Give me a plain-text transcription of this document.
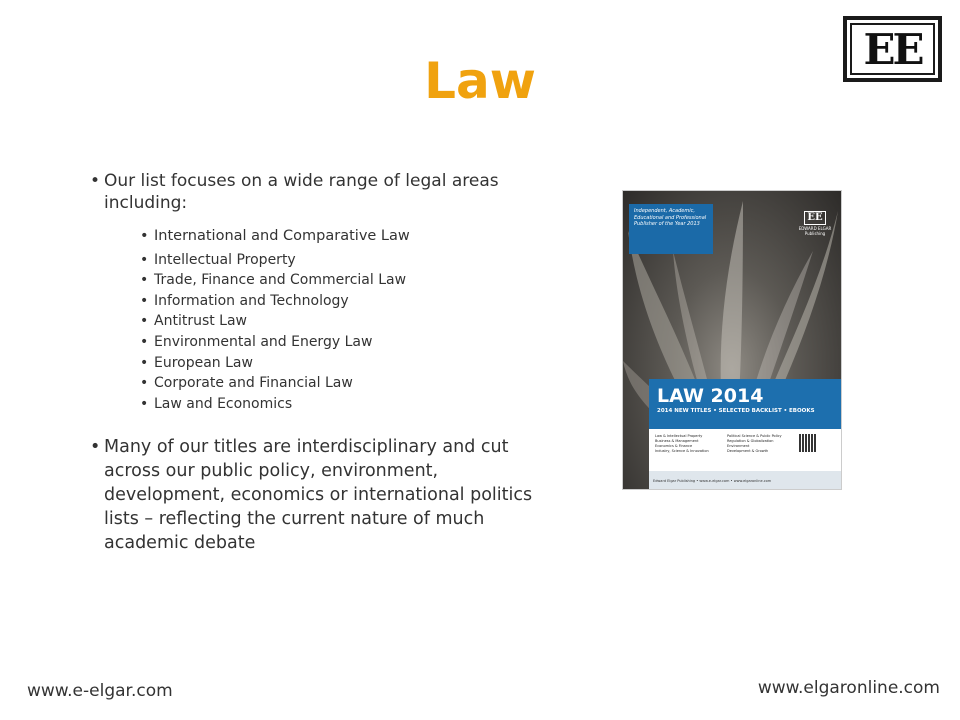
EE
Law
• Our list focuses on a wide range of legal areas including:
• International and Comparative Law
• Intellectual Property
• Trade, Finance and Commercial Law
• Information and Technology
• Antitrust Law
• Environmental and Energy Law
• European Law
• Corporate and Financial Law
• Law and Economics
• Many of our titles are interdisciplinary and cut across our public policy, environment, development, economics or international politics lists – reflecting the current nature of much academic debate
Independent, Academic, Educational and Professional Publisher of the Year 2013
EE
EDWARD ELGAR Publishing
LAW 2014
2014 NEW TITLES • SELECTED BACKLIST • EBOOKS
Law & Intellectual Property
Business & Management
Economics & Finance
Industry, Science & Innovation
Political Science & Public Policy
Regulation & Globalization
Environment
Development & Growth
Edward Elgar Publishing • www.e-elgar.com • www.elgaronline.com
www.e-elgar.com	www.elgaronline.com
